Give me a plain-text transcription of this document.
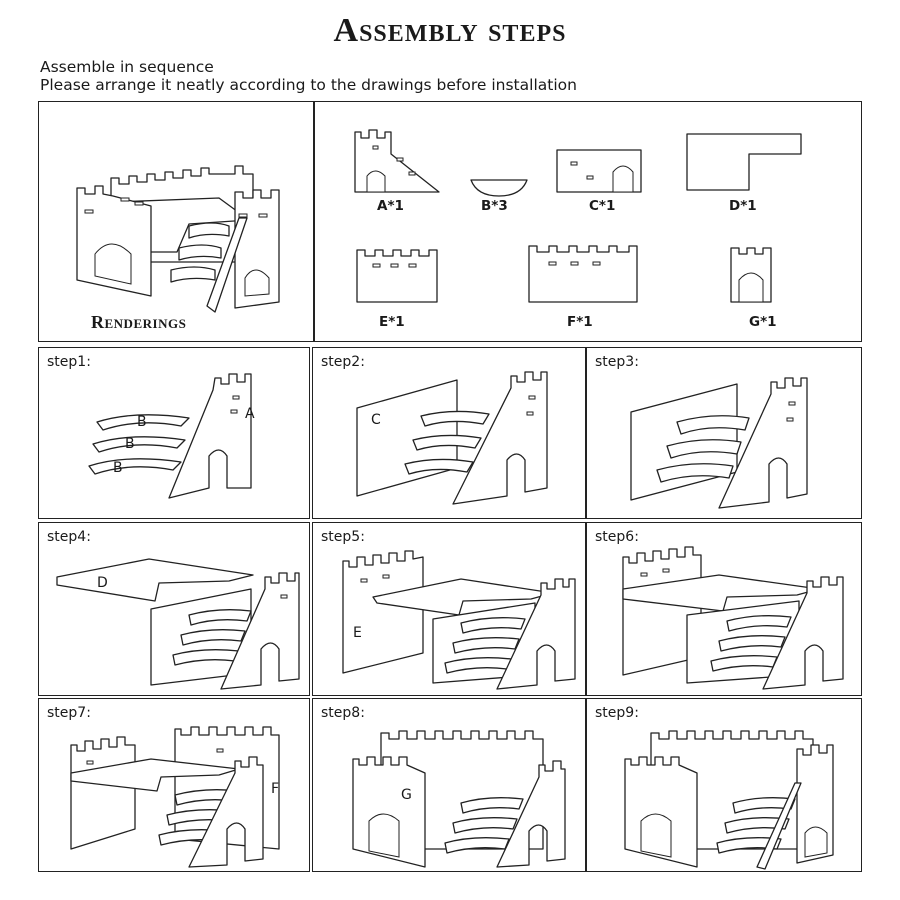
Assembly steps
Assemble in sequence
Please arrange it neatly according to the drawings before installation
Renderings
A*1	B*3	C*1	D*1
E*1	F*1	G*1
step1:
A
B
B
B
step2:
C
step3:
step4:
D
step5:
E
step6:
step7:
F
step8:
G
step9:
